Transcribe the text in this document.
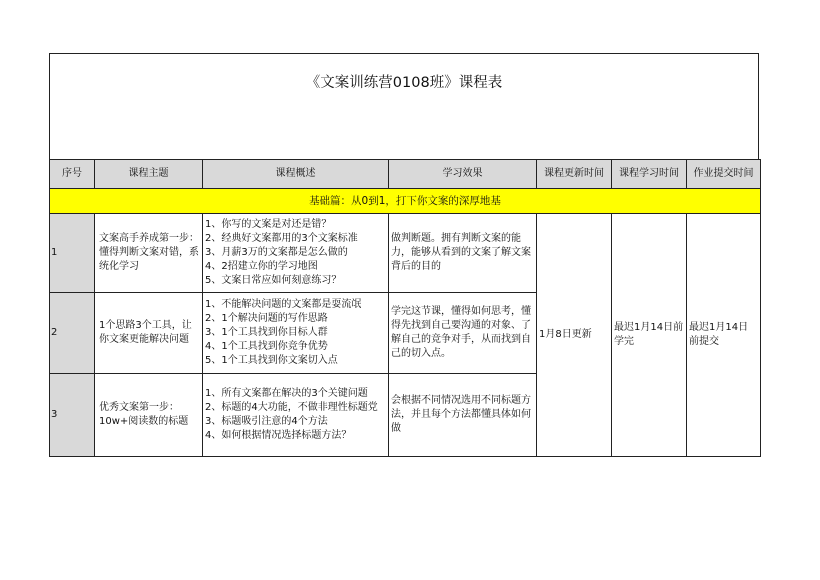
《文案训练营0108班》课程表
序号	课程主题	课程概述	学习效果	课程更新时间	课程学习时间	作业提交时间
基础篇：从0到1，打下你文案的深厚地基						
1	文案高手养成第一步：懂得判断文案对错，系统化学习	1、你写的文案是对还是错？
2、经典好文案都用的3个文案标准
3、月薪3万的文案都是怎么做的
4、2招建立你的学习地图
5、文案日常应如何刻意练习？	做判断题。拥有判断文案的能力，能够从看到的文案了解文案背后的目的	1月8日更新	最迟1月14日前学完	最迟1月14日前提交
2	1个思路3个工具，让你文案更能解决问题	1、不能解决问题的文案都是耍流氓
2、1个解决问题的写作思路
3、1个工具找到你目标人群
4、1个工具找到你竞争优势
5、1个工具找到你文案切入点	学完这节课，懂得如何思考，懂得先找到自己要沟通的对象、了解自己的竞争对手，从而找到自己的切入点。			
3	优秀文案第一步：10w+阅读数的标题	1、所有文案都在解决的3个关键问题
2、标题的4大功能，不做非理性标题党
3、标题吸引注意的4个方法
4、如何根据情况选择标题方法？	会根据不同情况选用不同标题方法，并且每个方法都懂具体如何做			
